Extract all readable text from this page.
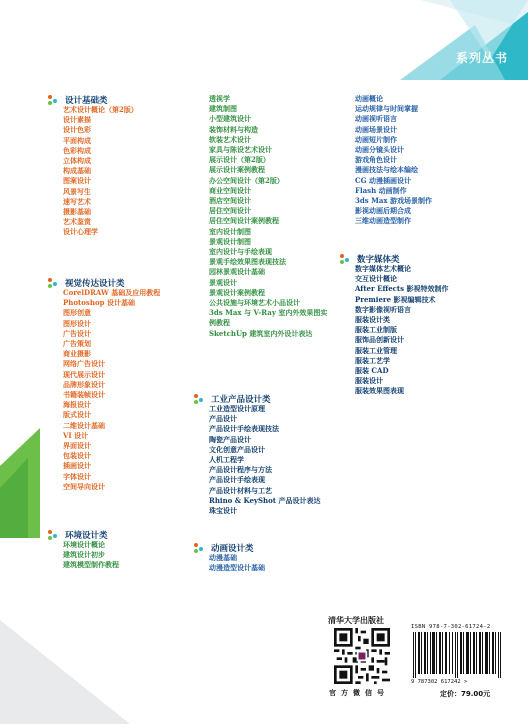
系列丛书
设计基础类
艺术设计概论（第2版）
设计素描
设计色彩
平面构成
色彩构成
立体构成
构成基础
图案设计
风景写生
速写艺术
摄影基础
艺术鉴赏
设计心理学
视觉传达设计类
CorelDRAW 基础及应用教程
Photoshop 设计基础
图形创意
图形设计
广告设计
广告策划
商业摄影
网络广告设计
现代展示设计
品牌形象设计
书籍装帧设计
海报设计
版式设计
二维设计基础
VI 设计
界面设计
包装设计
插画设计
字体设计
空间导向设计
环境设计类
环境设计概论
建筑设计初步
建筑模型制作教程
透视学
建筑制图
小型建筑设计
装饰材料与构造
软装艺术设计
家具与陈设艺术设计
展示设计（第2版）
展示设计案例教程
办公空间设计（第2版）
商业空间设计
酒店空间设计
居住空间设计
居住空间设计案例教程
室内设计制图
景观设计制图
室内设计与手绘表现
景观手绘效果图表现技法
园林景观设计基础
景观设计
景观设计案例教程
公共设施与环境艺术小品设计
3ds Max 与 V-Ray 室内外效果图实
例教程
SketchUp 建筑室内外设计表达
工业产品设计类
工业造型设计原理
产品设计
产品设计手绘表现技法
陶瓷产品设计
文化创意产品设计
人机工程学
产品设计程序与方法
产品设计手绘表现
产品设计材料与工艺
Rhino & KeyShot 产品设计表达
珠宝设计
动画设计类
动漫基础
动漫造型设计基础
动画概论
运动规律与时间掌握
动画视听语言
动画场景设计
动画短片制作
动画分镜头设计
游戏角色设计
漫画技法与绘本编绘
CG 动漫插画设计
Flash 动画制作
3ds Max 游戏场景制作
影视动画后期合成
三维动画造型制作
数字媒体类
数字媒体艺术概论
交互设计概论
After Effects 影视特效制作
Premiere 影视编辑技术
数字影像视听语言
服装设计类
服装工业制版
服饰品创新设计
服装工业管理
服装工艺学
服装 CAD
服装设计
服装效果图表现
清华大学出版社
官方微信号
ISBN 978-7-302-61724-2
9 787302 617242 >
定价：79.00元
